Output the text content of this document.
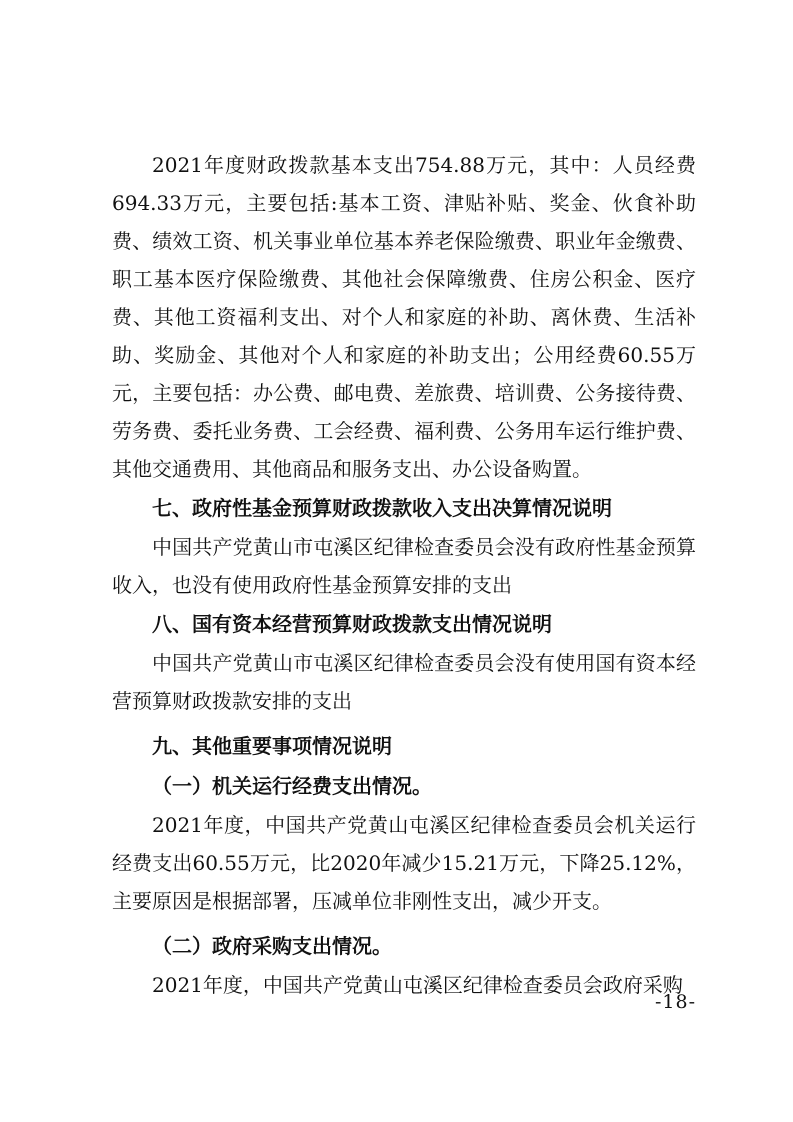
2021年度财政拨款基本支出754.88万元，其中：人员经费694.33万元，主要包括:基本工资、津贴补贴、奖金、伙食补助费、绩效工资、机关事业单位基本养老保险缴费、职业年金缴费、职工基本医疗保险缴费、其他社会保障缴费、住房公积金、医疗费、其他工资福利支出、对个人和家庭的补助、离休费、生活补助、奖励金、其他对个人和家庭的补助支出；公用经费60.55万元，主要包括：办公费、邮电费、差旅费、培训费、公务接待费、劳务费、委托业务费、工会经费、福利费、公务用车运行维护费、其他交通费用、其他商品和服务支出、办公设备购置。

七、政府性基金预算财政拨款收入支出决算情况说明

中国共产党黄山市屯溪区纪律检查委员会没有政府性基金预算收入，也没有使用政府性基金预算安排的支出

八、国有资本经营预算财政拨款支出情况说明

中国共产党黄山市屯溪区纪律检查委员会没有使用国有资本经营预算财政拨款安排的支出

九、其他重要事项情况说明

（一）机关运行经费支出情况。

2021年度，中国共产党黄山屯溪区纪律检查委员会机关运行经费支出60.55万元，比2020年减少15.21万元，下降25.12%，主要原因是根据部署，压减单位非刚性支出，减少开支。

（二）政府采购支出情况。

2021年度，中国共产党黄山屯溪区纪律检查委员会政府采购

-18-
